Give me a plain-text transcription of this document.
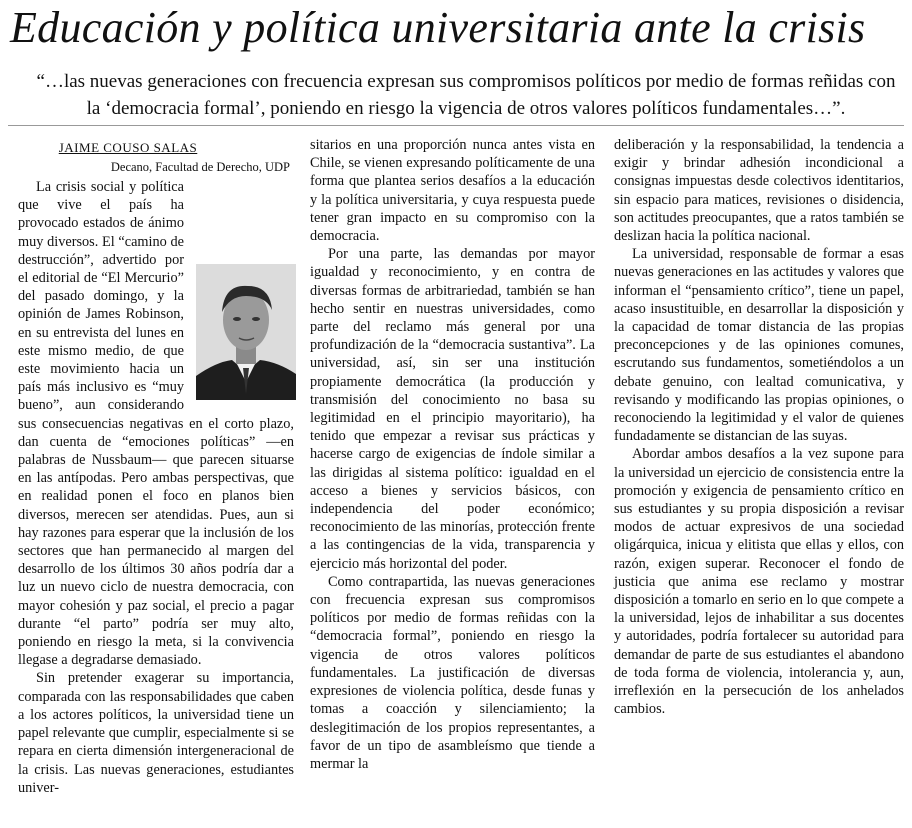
Educación y política universitaria ante la crisis
“…las nuevas generaciones con frecuencia expresan sus compromisos políticos por medio de formas reñidas con la ‘democracia formal’, poniendo en riesgo la vigencia de otros valores políticos fundamentales…”.
JAIME COUSO SALAS
Decano, Facultad de Derecho, UDP

La crisis social y política que vive el país ha provocado estados de ánimo muy diversos. El “camino de destrucción”, advertido por el editorial de “El Mercurio” del pasado domingo, y la opinión de James Robinson, en su entrevista del lunes en este mismo medio, de que este movimiento hacia un país más inclusivo es “muy bueno”, aun considerando sus consecuencias negativas en el corto plazo, dan cuenta de “emociones políticas” —en palabras de Nussbaum— que parecen situarse en las antípodas. Pero ambas perspectivas, que en realidad ponen el foco en planos bien diversos, merecen ser atendidas. Pues, aun si hay razones para esperar que la inclusión de los sectores que han permanecido al margen del desarrollo de los últimos 30 años podría dar a luz un nuevo ciclo de nuestra democracia, con mayor cohesión y paz social, el precio a pagar durante “el parto” podría ser muy alto, poniendo en riesgo la meta, si la convivencia llegase a degradarse demasiado.

Sin pretender exagerar su importancia, comparada con las responsabilidades que caben a los actores políticos, la universidad tiene un papel relevante que cumplir, especialmente si se repara en cierta dimensión intergeneracional de la crisis. Las nuevas generaciones, estudiantes univer-

sitarios en una proporción nunca antes vista en Chile, se vienen expresando políticamente de una forma que plantea serios desafíos a la educación y la política universitaria, y cuya respuesta puede tener gran impacto en su compromiso con la democracia.

Por una parte, las demandas por mayor igualdad y reconocimiento, y en contra de diversas formas de arbitrariedad, también se han hecho sentir en nuestras universidades, como parte del reclamo más general por una profundización de la “democracia sustantiva”. La universidad, así, sin ser una institución propiamente democrática (la producción y transmisión del conocimiento no basa su legitimidad en el principio mayoritario), ha tenido que empezar a revisar sus prácticas y hacerse cargo de exigencias de índole similar a las dirigidas al sistema político: igualdad en el acceso a bienes y servicios básicos, con independencia del poder económico; reconocimiento de las minorías, protección frente a las contingencias de la vida, transparencia y ejercicio más horizontal del poder.

Como contrapartida, las nuevas generaciones con frecuencia expresan sus compromisos políticos por medio de formas reñidas con la “democracia formal”, poniendo en riesgo la vigencia de otros valores políticos fundamentales. La justificación de diversas expresiones de violencia política, desde funas y tomas a coacción y silenciamiento; la deslegitimación de los propios representantes, a favor de un tipo de asambleísmo que tiende a mermar la

deliberación y la responsabilidad, la tendencia a exigir y brindar adhesión incondicional a consignas impuestas desde colectivos identitarios, sin espacio para matices, revisiones o disidencia, son actitudes preocupantes, que a ratos también se deslizan hacia la política nacional.

La universidad, responsable de formar a esas nuevas generaciones en las actitudes y valores que informan el “pensamiento crítico”, tiene un papel, acaso insustituible, en desarrollar la disposición y la capacidad de tomar distancia de las propias preconcepciones y de las opiniones comunes, escrutando sus fundamentos, sometiéndolos a un debate genuino, con lealtad comunicativa, y revisando y modificando las propias opiniones, o reconociendo la legitimidad y el valor de quienes fundadamente se distancian de las suyas.

Abordar ambos desafíos a la vez supone para la universidad un ejercicio de consistencia entre la promoción y exigencia de pensamiento crítico en sus estudiantes y su propia disposición a revisar modos de actuar expresivos de una sociedad oligárquica, inicua y elitista que ellas y ellos, con razón, exigen superar. Reconocer el fondo de justicia que anima ese reclamo y mostrar disposición a tomarlo en serio en lo que compete a la universidad, lejos de inhabilitar a sus docentes y autoridades, podría fortalecer su autoridad para demandar de parte de sus estudiantes el abandono de toda forma de violencia, intolerancia y, aun, irreflexión en la persecución de los anhelados cambios.
